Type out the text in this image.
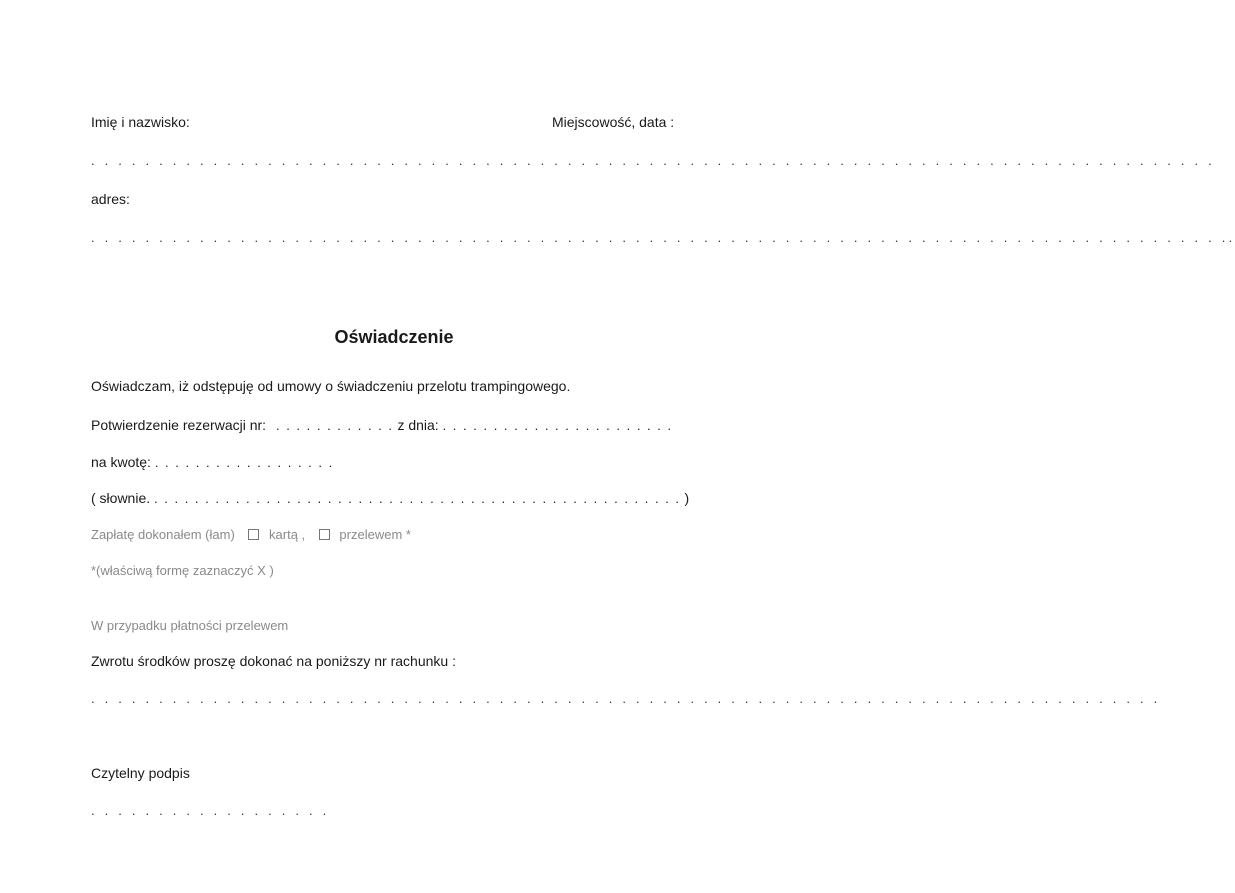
Imię i nazwisko:	Miejscowość, data :
. . . . . . . . . . . . . . . . . . . . . . . . . . . . . . . . . . . . . . . . . . . . . . . . . . . . . . . . . . . . . . . . . . . . . . . . . . . . . . . . . . .
adres:
. . . . . . . . . . . . . . . . . . . . . . . . . . . . . . . . . . . . . . . . . . . . . . . . . . . . . . . . . . . . . . . . . . . . . . . . . . . . . . . . . . . ..
Oświadczenie
Oświadczam, iż odstępuję od umowy o świadczeniu przelotu trampingowego.
Potwierdzenie rezerwacji nr: . . . . . . . . . . . . z dnia: . . . . . . . . . . . . . . . . . . . . . . .
na kwotę: . . . . . . . . . . . . . . . . . .
( słownie. . . . . . . . . . . . . . . . . . . . . . . . . . . . . . . . . . . . . . . . . . . . . . . . . . . . . )
Zapłatę dokonałem (łam)	kartą ,	przelewem *
*(właściwą formę zaznaczyć X )
W przypadku płatności przelewem
Zwrotu środków proszę dokonać na poniższy nr rachunku :
. . . . . . . . . . . . . . . . . . . . . . . . . . . . . . . . . . . . . . . . . . . . . . . . . . . . . . . . . . . . . . . . . . . . . . . . . . . . . . .
Czytelny podpis
. . . . . . . . . . . . . . . . . .
